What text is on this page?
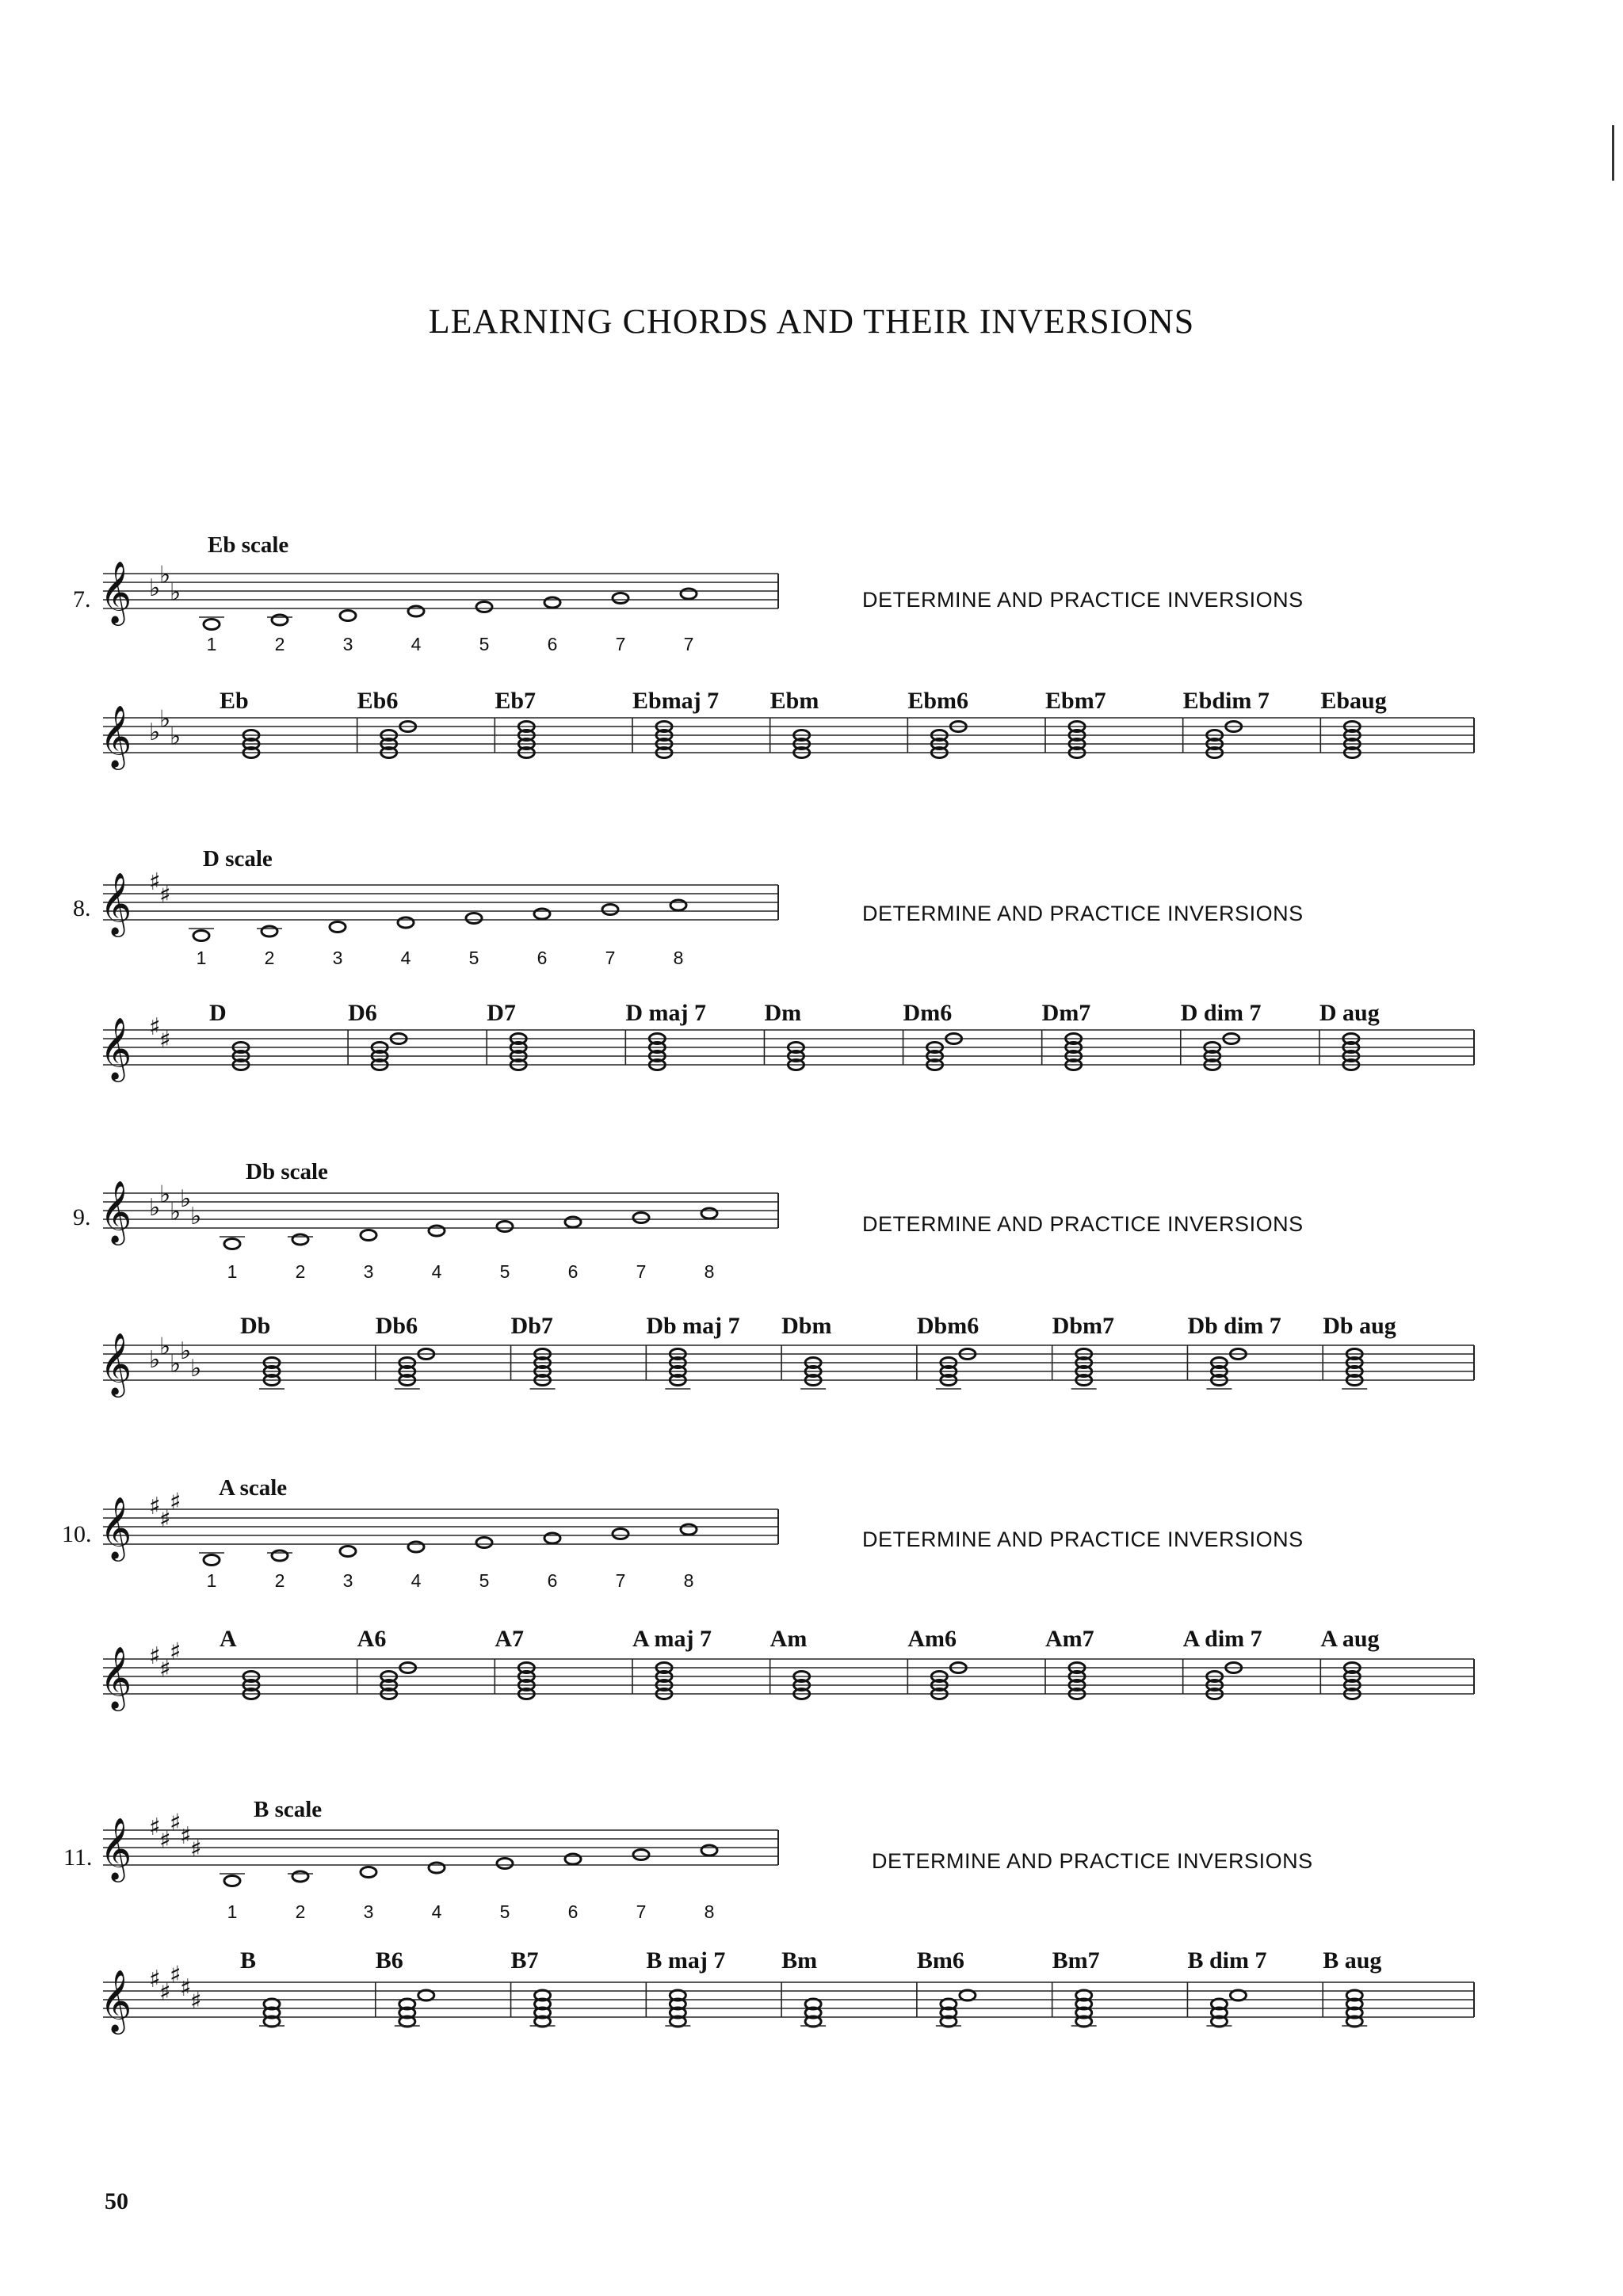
LEARNING CHORDS AND THEIR INVERSIONS
7.
Eb scale
𝄞 ♭
♭
♭
1	2	3	4	5	6	7	7
DETERMINE AND PRACTICE INVERSIONS
𝄞 ♭
♭
♭
Eb	Eb6	Eb7	Ebmaj 7 Ebm	Ebm6	Ebm7	Ebdim 7 Ebaug
8.
D scale
𝄞 ♯
♯
1	2	3	4	5	6	7	8
DETERMINE AND PRACTICE INVERSIONS
𝄞 ♯
♯
D	D6	D7	D maj 7 Dm	Dm6	Dm7	D dim 7 D aug
9.
Db scale
𝄞 ♭
♭
♭
♭
♭
1	2	3	4	5	6	7	8
DETERMINE AND PRACTICE INVERSIONS
𝄞 ♭
♭
♭
♭
♭
Db	Db6	Db7	Db maj 7 Dbm	Dbm6	Dbm7	Db dim 7 Db aug
10.
A scale
𝄞 ♯
♯
♯
1	2	3	4	5	6	7	8
DETERMINE AND PRACTICE INVERSIONS
𝄞 ♯
♯
♯ A	A6	A7	A maj 7 Am	Am6	Am7	A dim 7 A aug
11.
B scale
𝄞 ♯
♯
♯
♯
♯
1	2	3	4	5	6	7	8
DETERMINE AND PRACTICE INVERSIONS
𝄞 ♯
♯
♯
♯
♯
B	B6	B7	B maj 7 Bm	Bm6	Bm7	B dim 7 B aug
50
